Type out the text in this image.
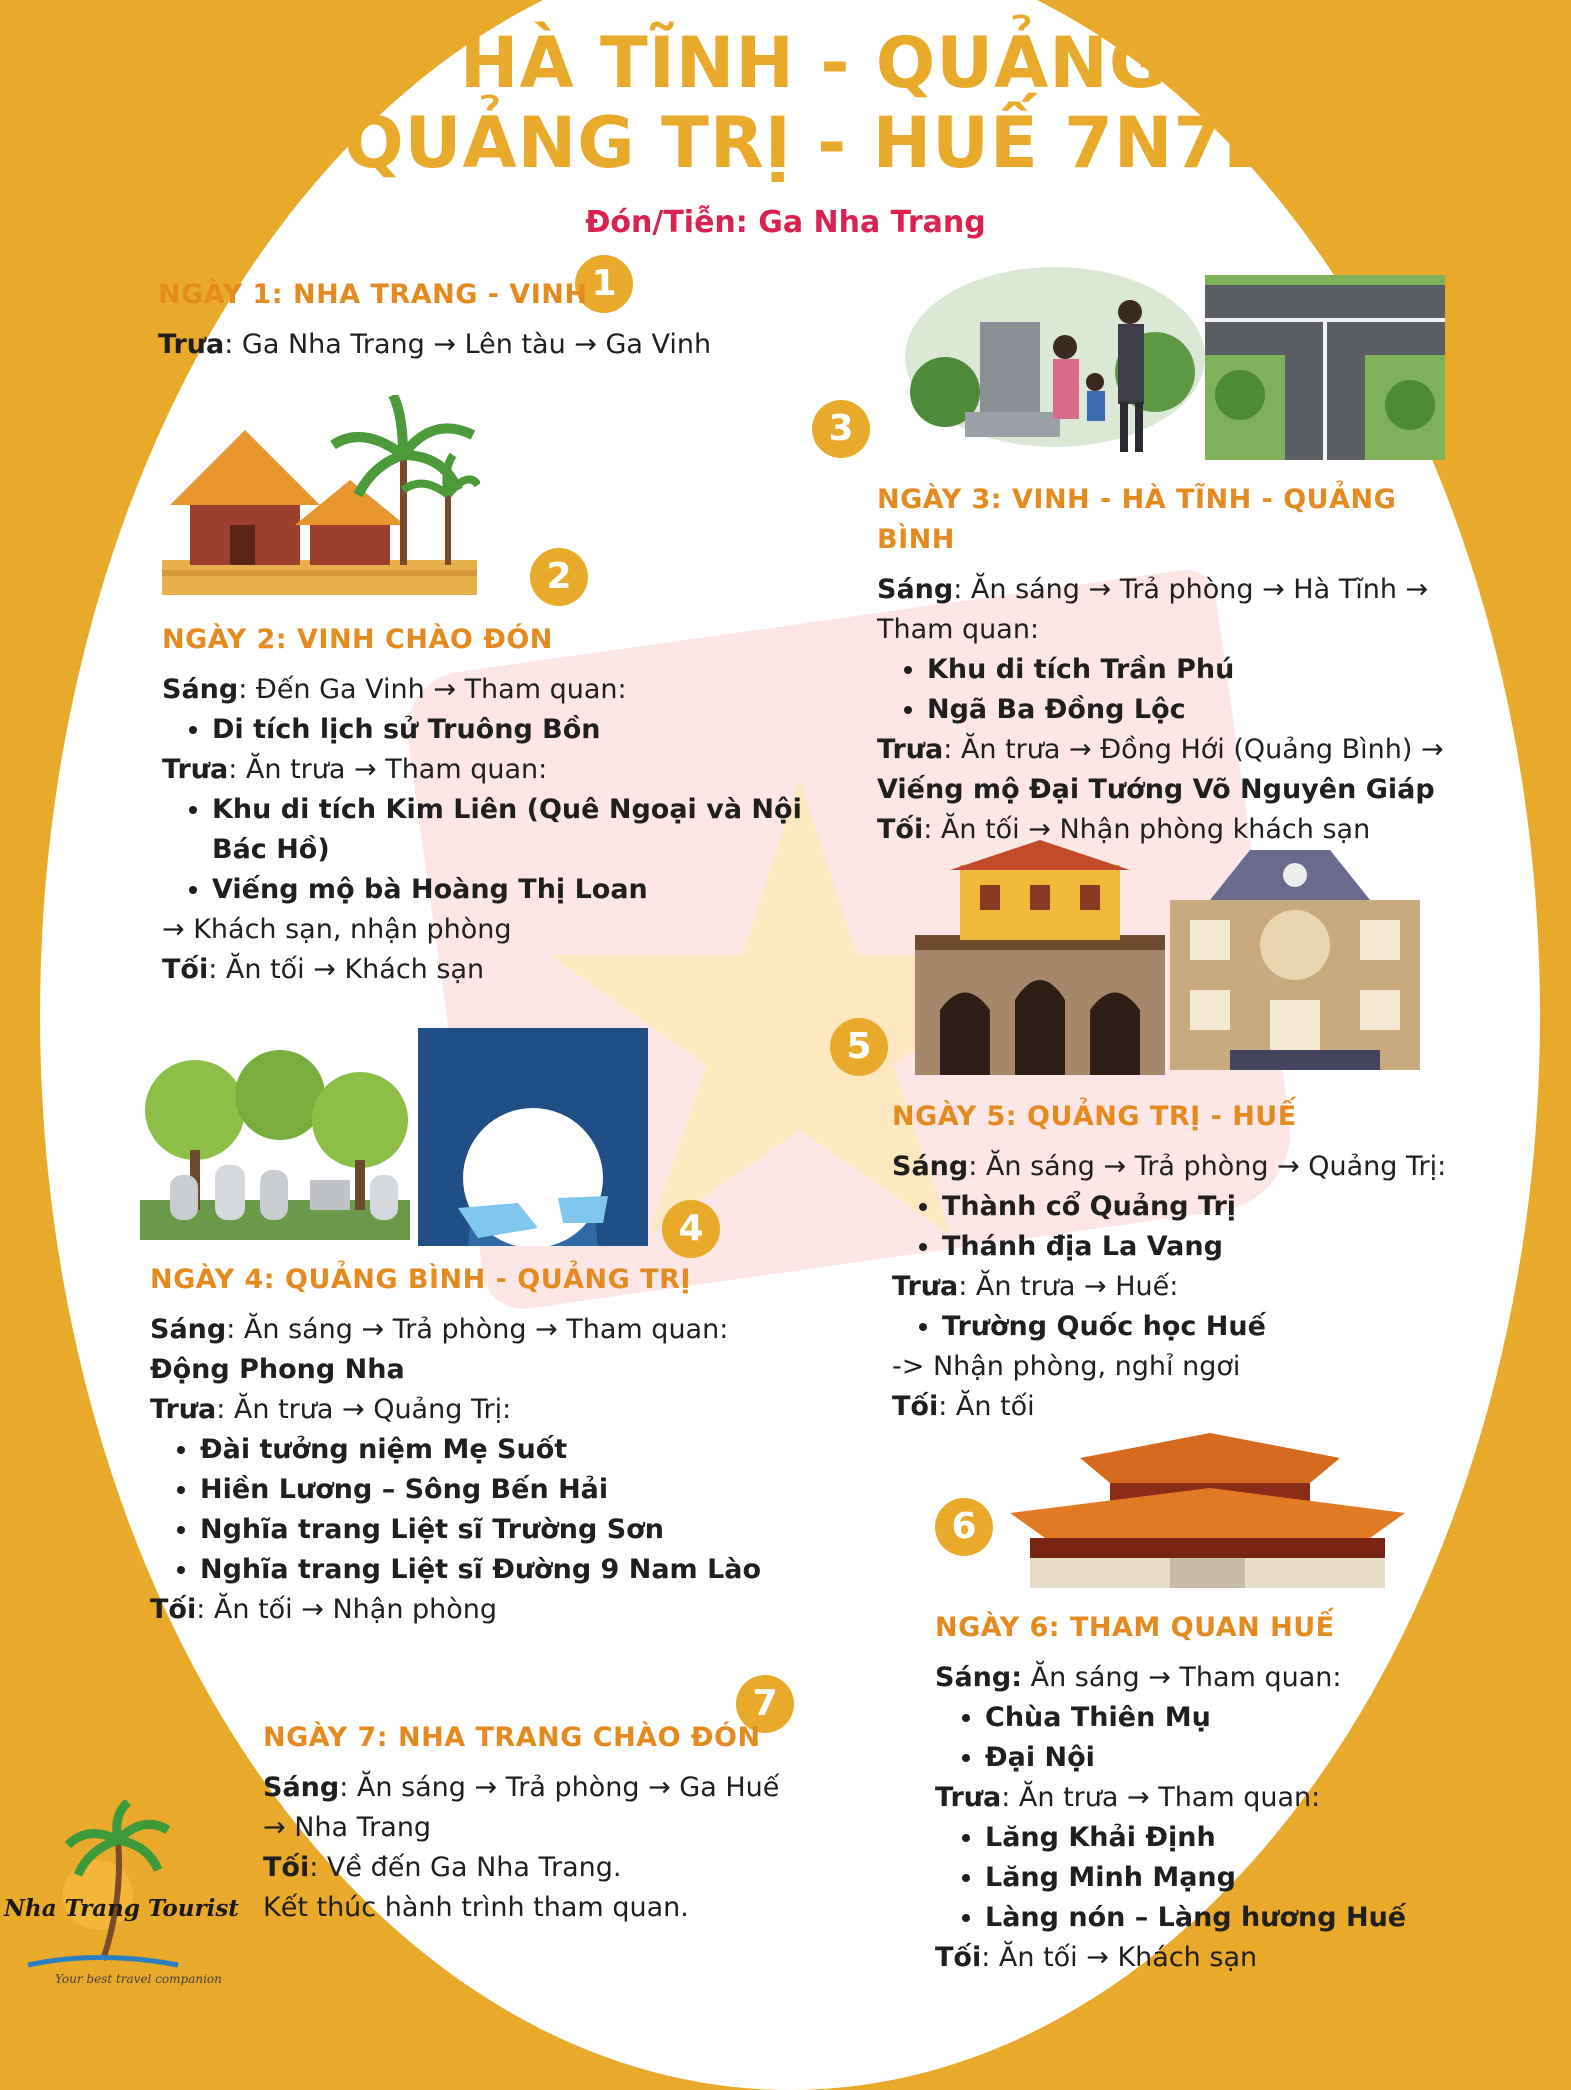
VINH - HÀ TĨNH - QUẢNG BÌNH
- QUẢNG TRỊ - HUẾ 7N7D
Đón/Tiễn: Ga Nha Trang
1
2
3
4
5
6
7
NGÀY 1: NHA TRANG - VINH

Trưa: Ga Nha Trang → Lên tàu → Ga Vinh

NGÀY 2: VINH CHÀO ĐÓN

Sáng: Đến Ga Vinh → Tham quan:

• Di tích lịch sử Truông Bồn

Trưa: Ăn trưa → Tham quan:

• Khu di tích Kim Liên (Quê Ngoại và Nội Bác Hồ)
• Viếng mộ bà Hoàng Thị Loan

→ Khách sạn, nhận phòng

Tối: Ăn tối → Khách sạn

NGÀY 3: VINH - HÀ TĨNH - QUẢNG BÌNH

Sáng: Ăn sáng → Trả phòng → Hà Tĩnh → Tham quan:

• Khu di tích Trần Phú
• Ngã Ba Đồng Lộc

Trưa: Ăn trưa → Đồng Hới (Quảng Bình) →

Viếng mộ Đại Tướng Võ Nguyên Giáp

Tối: Ăn tối → Nhận phòng khách sạn

NGÀY 4: QUẢNG BÌNH - QUẢNG TRỊ

Sáng: Ăn sáng → Trả phòng → Tham quan:

Động Phong Nha

Trưa: Ăn trưa → Quảng Trị:

• Đài tưởng niệm Mẹ Suốt
• Hiền Lương – Sông Bến Hải
• Nghĩa trang Liệt sĩ Trường Sơn
• Nghĩa trang Liệt sĩ Đường 9 Nam Lào

Tối: Ăn tối → Nhận phòng

NGÀY 5: QUẢNG TRỊ - HUẾ

Sáng: Ăn sáng → Trả phòng → Quảng Trị:

• Thành cổ Quảng Trị
• Thánh địa La Vang

Trưa: Ăn trưa → Huế:

• Trường Quốc học Huế

-> Nhận phòng, nghỉ ngơi

Tối: Ăn tối

NGÀY 6: THAM QUAN HUẾ

Sáng: Ăn sáng → Tham quan:

• Chùa Thiên Mụ
• Đại Nội

Trưa: Ăn trưa → Tham quan:

• Lăng Khải Định
• Lăng Minh Mạng
• Làng nón – Làng hương Huế

Tối: Ăn tối → Khách sạn

NGÀY 7: NHA TRANG CHÀO ĐÓN

Sáng: Ăn sáng → Trả phòng → Ga Huế → Nha Trang

Tối: Về đến Ga Nha Trang.

Kết thúc hành trình tham quan.

Nha Trang Tourist
Your best travel companion
